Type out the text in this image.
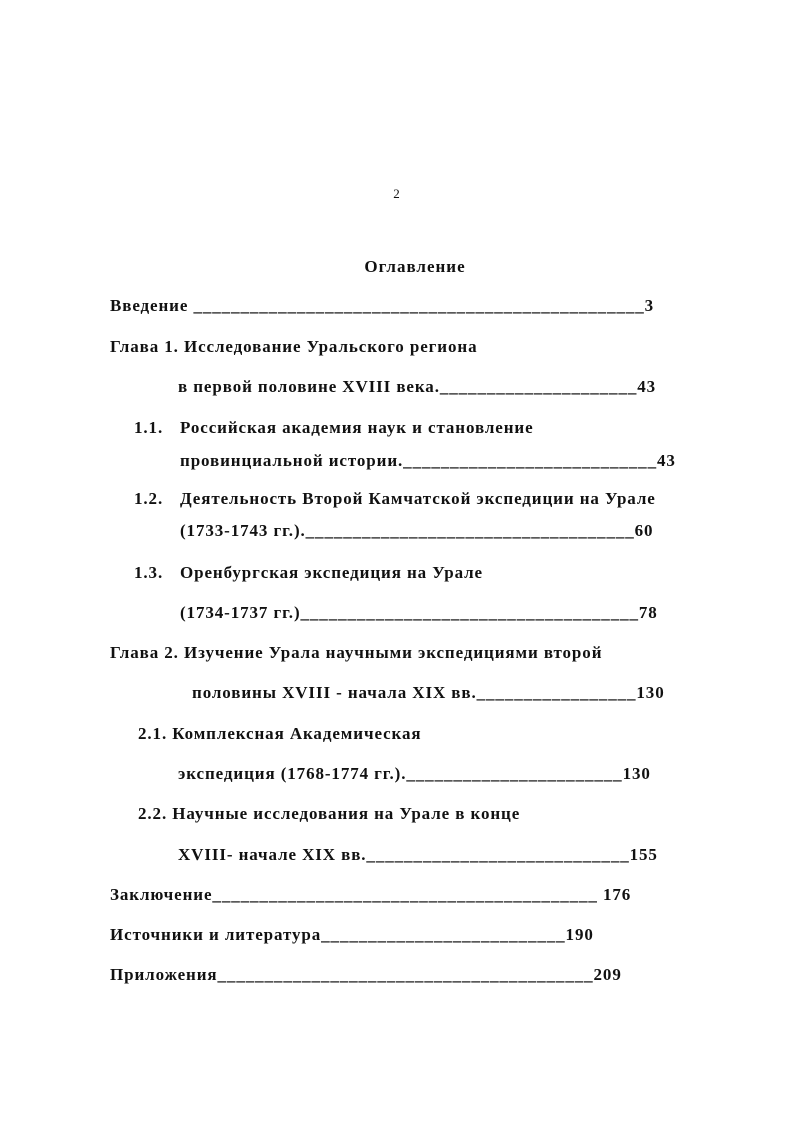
2
Оглавление
Введение ________________________________________________3
Глава 1. Исследование Уральского региона
в первой половине XVIII века._____________________43
1.1. Российская академия наук и становление
провинциальной истории.___________________________43
1.2. Деятельность Второй Камчатской экспедиции на Урале
(1733-1743 гг.).___________________________________60
1.3. Оренбургская экспедиция на Урале
(1734-1737 гг.)____________________________________78
Глава 2. Изучение Урала научными экспедициями второй
половины XVIII - начала XIX вв._________________130
2.1. Комплексная Академическая
экспедиция (1768-1774 гг.)._______________________130
2.2. Научные исследования на Урале в конце
XVIII- начале XIX вв.____________________________155
Заключение_________________________________________ 176
Источники и литература__________________________190
Приложения________________________________________209
